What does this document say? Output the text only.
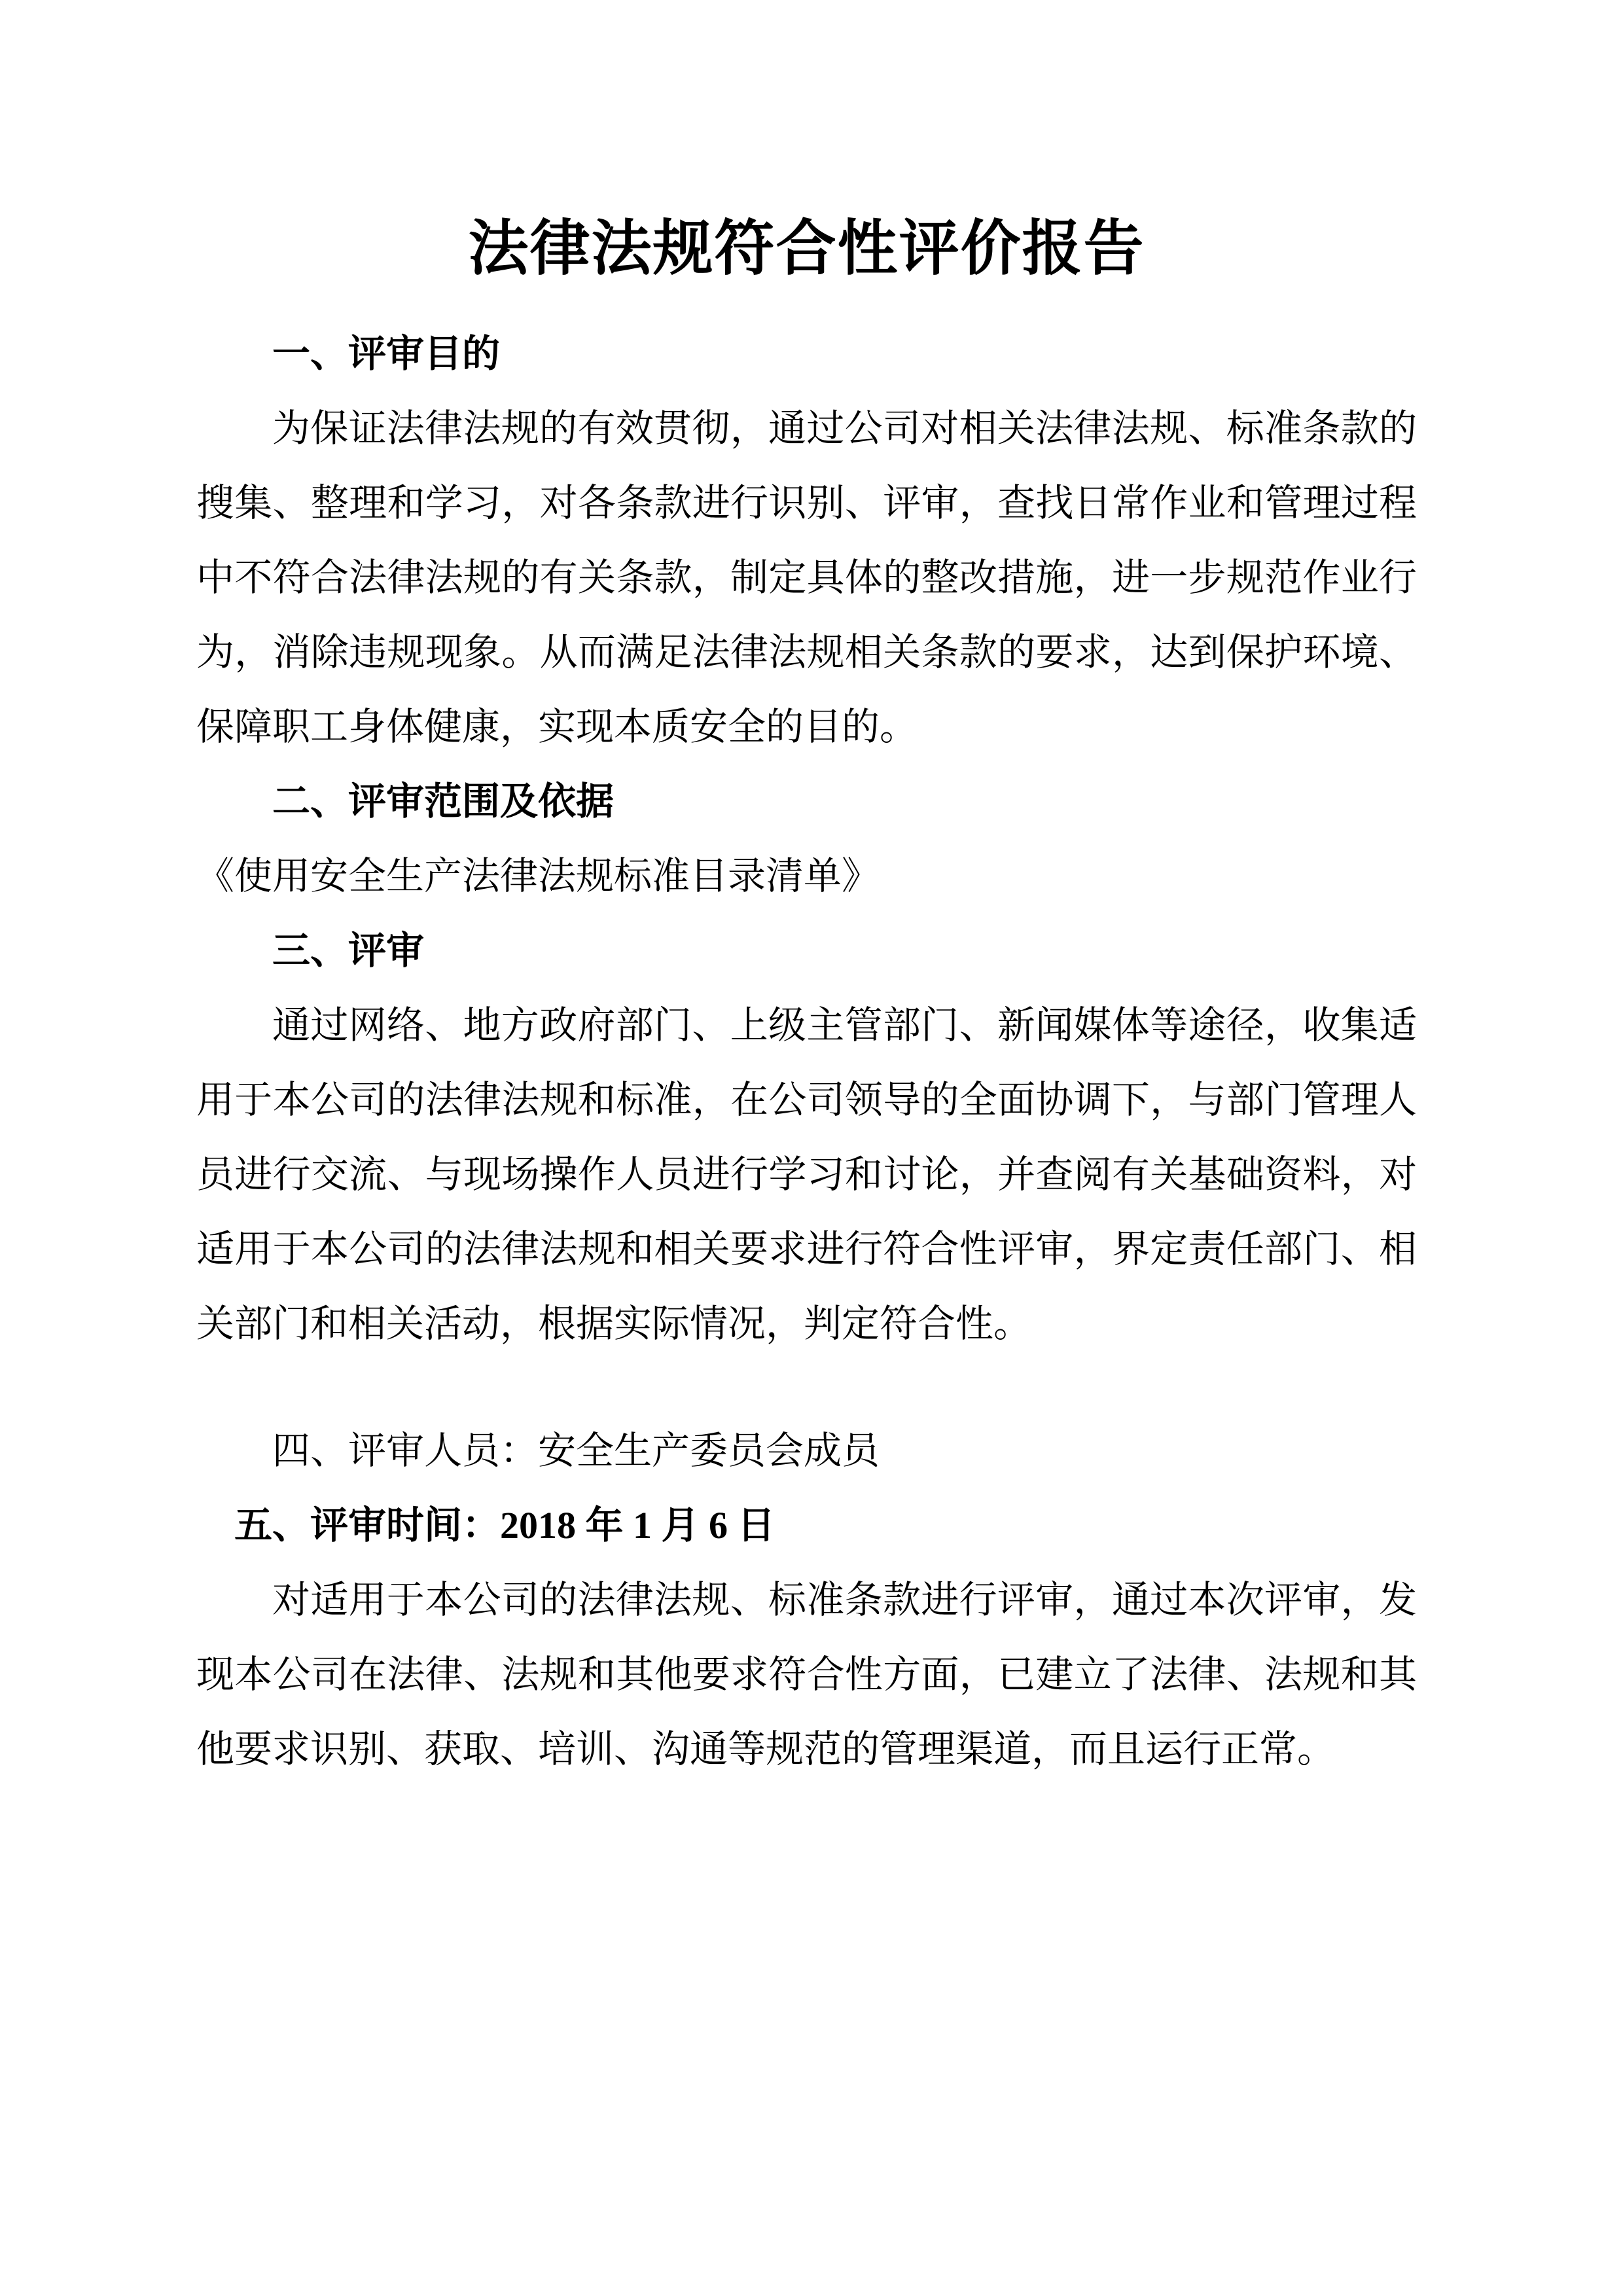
法律法规符合性评价报告
一、评审目的
为保证法律法规的有效贯彻，通过公司对相关法律法规、标准条款的
搜集、整理和学习，对各条款进行识别、评审，查找日常作业和管理过程
中不符合法律法规的有关条款，制定具体的整改措施，进一步规范作业行
为，消除违规现象。从而满足法律法规相关条款的要求，达到保护环境、
保障职工身体健康，实现本质安全的目的。
二、评审范围及依据
《使用安全生产法律法规标准目录清单》
三、评审
通过网络、地方政府部门、上级主管部门、新闻媒体等途径，收集适
用于本公司的法律法规和标准，在公司领导的全面协调下，与部门管理人
员进行交流、与现场操作人员进行学习和讨论，并查阅有关基础资料，对
适用于本公司的法律法规和相关要求进行符合性评审，界定责任部门、相
关部门和相关活动，根据实际情况，判定符合性。
四、评审人员：安全生产委员会成员
五、评审时间：2018 年 1 月 6 日
对适用于本公司的法律法规、标准条款进行评审，通过本次评审，发
现本公司在法律、法规和其他要求符合性方面，已建立了法律、法规和其
他要求识别、获取、培训、沟通等规范的管理渠道，而且运行正常。
